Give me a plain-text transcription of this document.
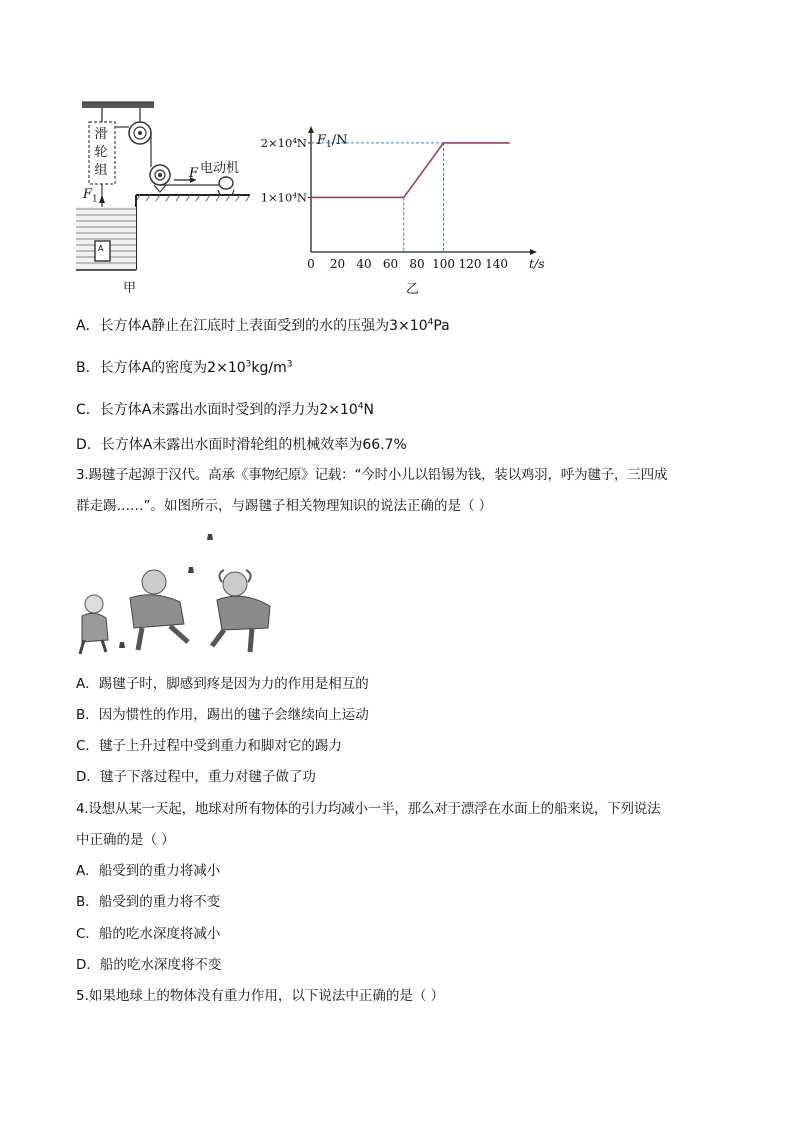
滑
轮
组	电动机
F
$F_1$
A
甲
2×10⁴N
1×10⁴N
0 20 40 60 80 100 120 140 t/s
$F_1/N$
乙
A．长方体A静止在江底时上表面受到的水的压强为$3\times 10^4Pa$
B．长方体A的密度为$2\times 10^3kg/m^3$
C．长方体A未露出水面时受到的浮力为$2\times 10^4N$
D．长方体A未露出水面时滑轮组的机械效率为66.7%
3.踢毽子起源于汉代。高承《事物纪原》记载：“今时小儿以铅锡为钱，装以鸡羽，呼为毽子，三四成
群走踢……”。如图所示，与踢毽子相关物理知识的说法正确的是（ ）
A．踢毽子时，脚感到疼是因为力的作用是相互的
B．因为惯性的作用，踢出的毽子会继续向上运动
C．毽子上升过程中受到重力和脚对它的踢力
D．毽子下落过程中，重力对毽子做了功
4.设想从某一天起，地球对所有物体的引力均减小一半，那么对于漂浮在水面上的船来说，下列说法
中正确的是（ ）
A．船受到的重力将减小
B．船受到的重力将不变
C．船的吃水深度将减小
D．船的吃水深度将不变
5.如果地球上的物体没有重力作用，以下说法中正确的是（ ）
